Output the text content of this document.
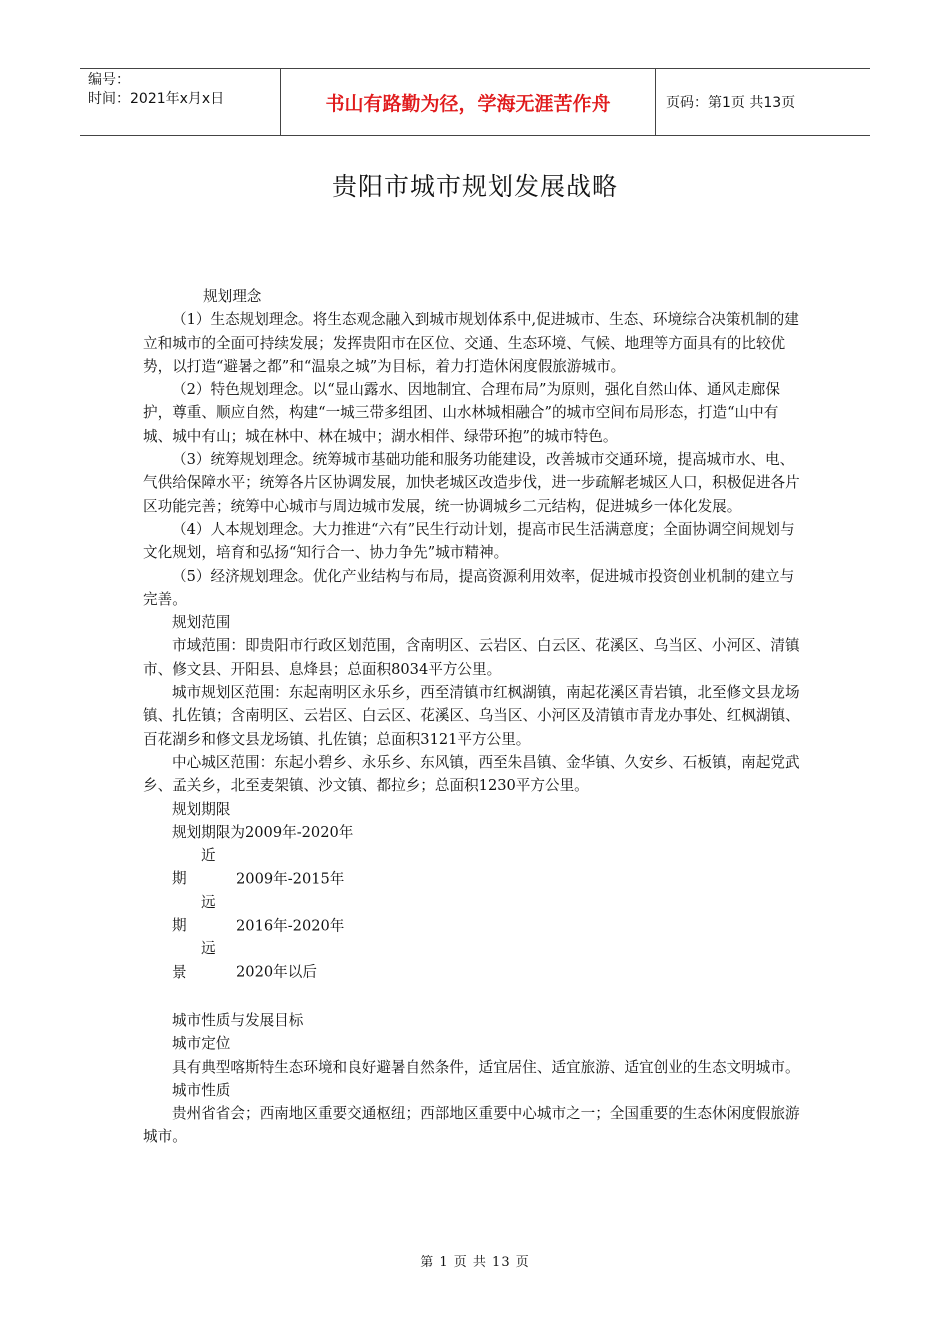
编号：
时间：2021年x月x日	书山有路勤为径，学海无涯苦作舟	页码：第1页 共13页
贵阳市城市规划发展战略

规划理念

（1）生态规划理念。将生态观念融入到城市规划体系中,促进城市、生态、环境综合决策机制的建立和城市的全面可持续发展；发挥贵阳市在区位、交通、生态环境、气候、地理等方面具有的比较优势，以打造“避暑之都”和“温泉之城”为目标，着力打造休闲度假旅游城市。

（2）特色规划理念。以“显山露水、因地制宜、合理布局”为原则，强化自然山体、通风走廊保护，尊重、顺应自然，构建“一城三带多组团、山水林城相融合”的城市空间布局形态，打造“山中有城、城中有山；城在林中、林在城中；湖水相伴、绿带环抱”的城市特色。

（3）统筹规划理念。统筹城市基础功能和服务功能建设，改善城市交通环境，提高城市水、电、气供给保障水平；统筹各片区协调发展，加快老城区改造步伐，进一步疏解老城区人口，积极促进各片区功能完善；统筹中心城市与周边城市发展，统一协调城乡二元结构，促进城乡一体化发展。

（4）人本规划理念。大力推进“六有”民生行动计划，提高市民生活满意度；全面协调空间规划与文化规划，培育和弘扬“知行合一、协力争先”城市精神。

（5）经济规划理念。优化产业结构与布局，提高资源利用效率，促进城市投资创业机制的建立与完善。

规划范围

市域范围：即贵阳市行政区划范围，含南明区、云岩区、白云区、花溪区、乌当区、小河区、清镇市、修文县、开阳县、息烽县；总面积8034平方公里。

城市规划区范围：东起南明区永乐乡，西至清镇市红枫湖镇，南起花溪区青岩镇，北至修文县龙场镇、扎佐镇；含南明区、云岩区、白云区、花溪区、乌当区、小河区及清镇市青龙办事处、红枫湖镇、百花湖乡和修文县龙场镇、扎佐镇；总面积3121平方公里。

中心城区范围：东起小碧乡、永乐乡、东风镇，西至朱昌镇、金华镇、久安乡、石板镇，南起党武乡、孟关乡，北至麦架镇、沙文镇、都拉乡；总面积1230平方公里。

规划期限

规划期限为2009年-2020年

近　期	2009年-2015年

远　期	2016年-2020年

远　景	2020年以后

城市性质与发展目标

城市定位

具有典型喀斯特生态环境和良好避暑自然条件，适宜居住、适宜旅游、适宜创业的生态文明城市。

城市性质

贵州省省会；西南地区重要交通枢纽；西部地区重要中心城市之一；全国重要的生态休闲度假旅游城市。

第 1 页 共 13 页
